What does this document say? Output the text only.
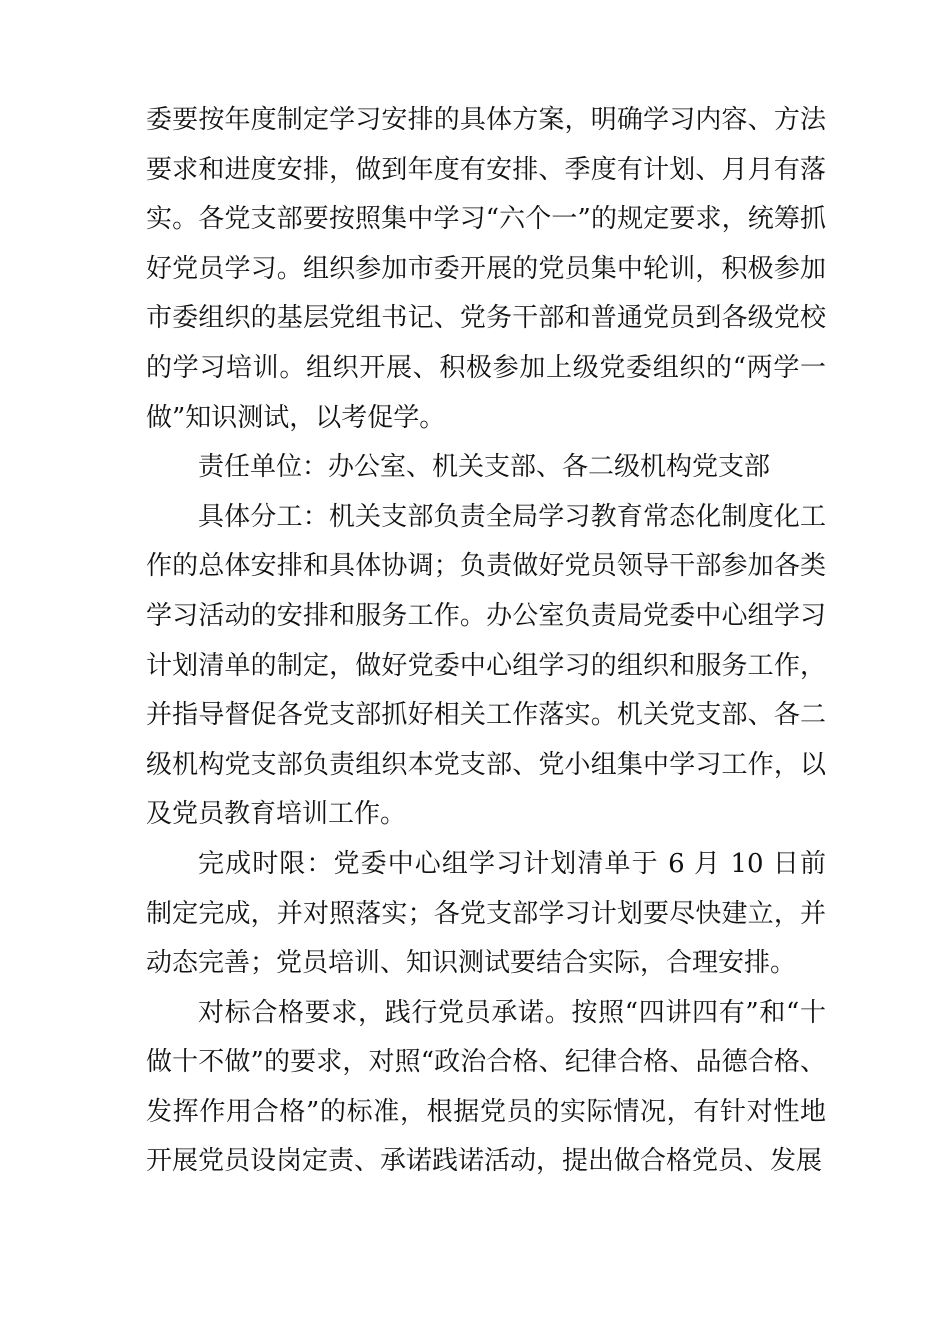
委要按年度制定学习安排的具体方案，明确学习内容、方法要求和进度安排，做到年度有安排、季度有计划、月月有落实。各党支部要按照集中学习“六个一”的规定要求，统筹抓好党员学习。组织参加市委开展的党员集中轮训，积极参加市委组织的基层党组书记、党务干部和普通党员到各级党校的学习培训。组织开展、积极参加上级党委组织的“两学一做”知识测试，以考促学。

责任单位：办公室、机关支部、各二级机构党支部

具体分工：机关支部负责全局学习教育常态化制度化工作的总体安排和具体协调；负责做好党员领导干部参加各类学习活动的安排和服务工作。办公室负责局党委中心组学习计划清单的制定，做好党委中心组学习的组织和服务工作，并指导督促各党支部抓好相关工作落实。机关党支部、各二级机构党支部负责组织本党支部、党小组集中学习工作，以及党员教育培训工作。

完成时限：党委中心组学习计划清单于 6 月 10 日前制定完成，并对照落实；各党支部学习计划要尽快建立，并动态完善；党员培训、知识测试要结合实际，合理安排。

对标合格要求，践行党员承诺。按照“四讲四有”和“十做十不做”的要求，对照“政治合格、纪律合格、品德合格、发挥作用合格”的标准，根据党员的实际情况，有针对性地开展党员设岗定责、承诺践诺活动，提出做合格党员、发展
